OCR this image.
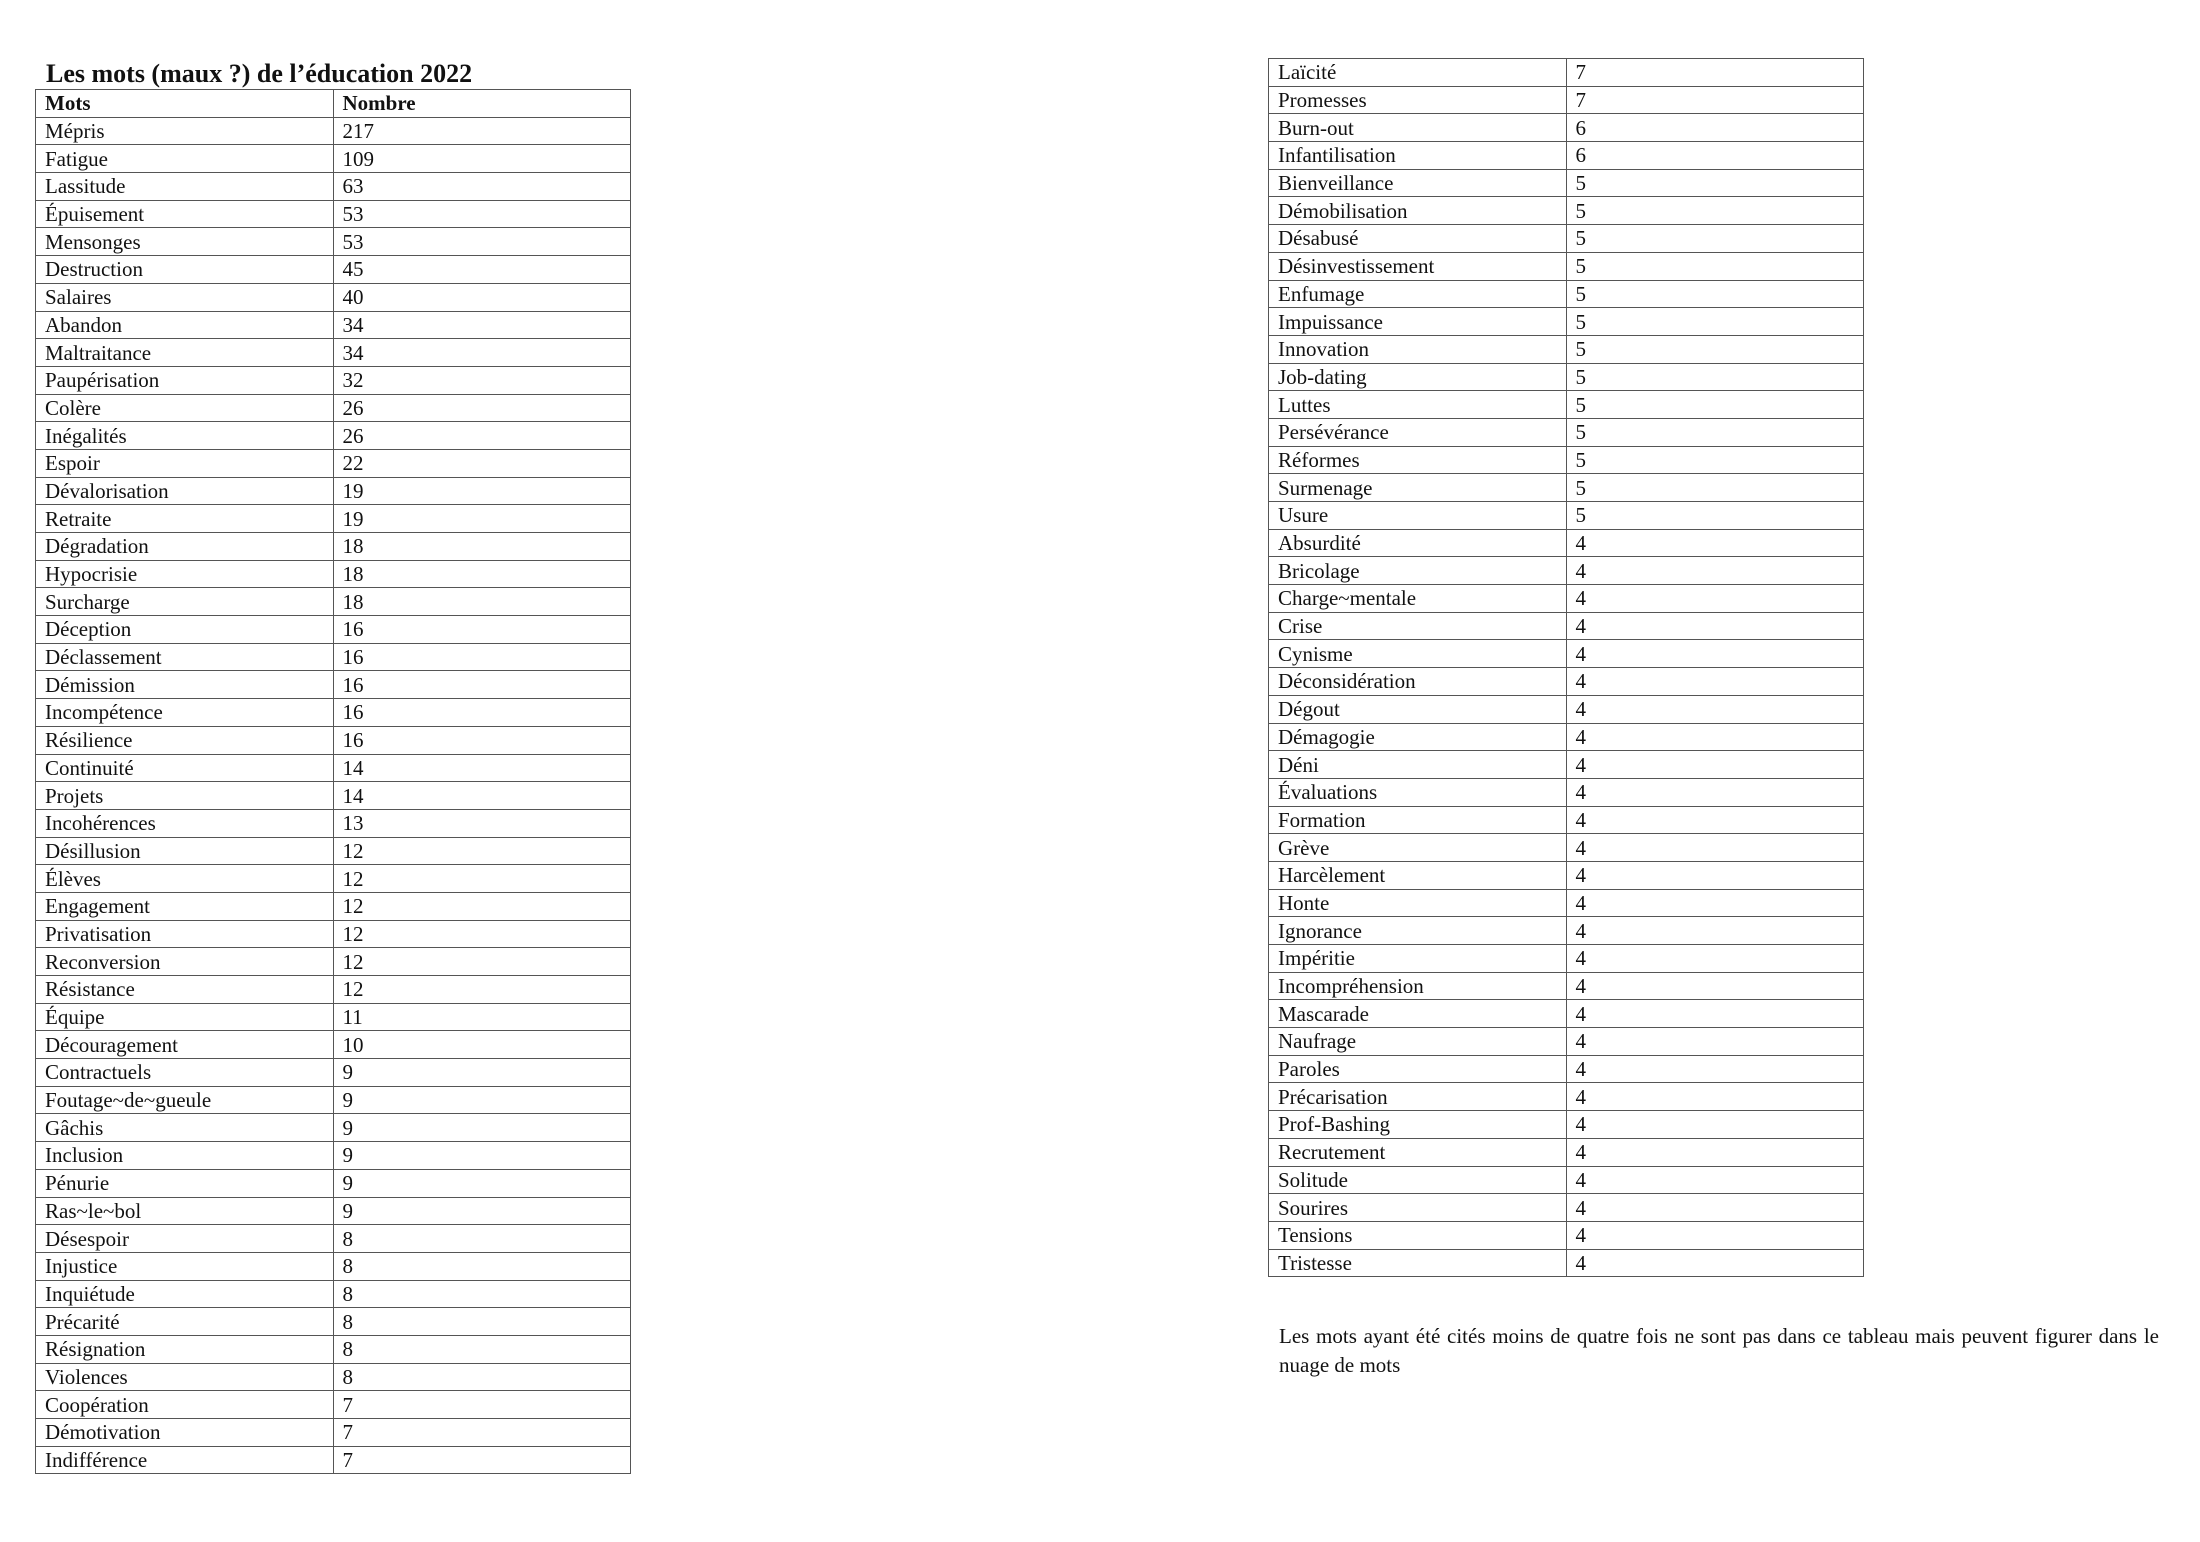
Les mots (maux ?) de l’éducation 2022
Mots	Nombre
Mépris	217
Fatigue	109
Lassitude	63
Épuisement	53
Mensonges	53
Destruction	45
Salaires	40
Abandon	34
Maltraitance	34
Paupérisation	32
Colère	26
Inégalités	26
Espoir	22
Dévalorisation	19
Retraite	19
Dégradation	18
Hypocrisie	18
Surcharge	18
Déception	16
Déclassement	16
Démission	16
Incompétence	16
Résilience	16
Continuité	14
Projets	14
Incohérences	13
Désillusion	12
Élèves	12
Engagement	12
Privatisation	12
Reconversion	12
Résistance	12
Équipe	11
Découragement	10
Contractuels	9
Foutage~de~gueule	9
Gâchis	9
Inclusion	9
Pénurie	9
Ras~le~bol	9
Désespoir	8
Injustice	8
Inquiétude	8
Précarité	8
Résignation	8
Violences	8
Coopération	7
Démotivation	7
Indifférence	7
Laïcité	7
Promesses	7
Burn-out	6
Infantilisation	6
Bienveillance	5
Démobilisation	5
Désabusé	5
Désinvestissement	5
Enfumage	5
Impuissance	5
Innovation	5
Job-dating	5
Luttes	5
Persévérance	5
Réformes	5
Surmenage	5
Usure	5
Absurdité	4
Bricolage	4
Charge~mentale	4
Crise	4
Cynisme	4
Déconsidération	4
Dégout	4
Démagogie	4
Déni	4
Évaluations	4
Formation	4
Grève	4
Harcèlement	4
Honte	4
Ignorance	4
Impéritie	4
Incompréhension	4
Mascarade	4
Naufrage	4
Paroles	4
Précarisation	4
Prof-Bashing	4
Recrutement	4
Solitude	4
Sourires	4
Tensions	4
Tristesse	4
Les mots ayant été cités moins de quatre fois ne sont pas dans ce tableau mais peuvent figurer dans le nuage de mots
